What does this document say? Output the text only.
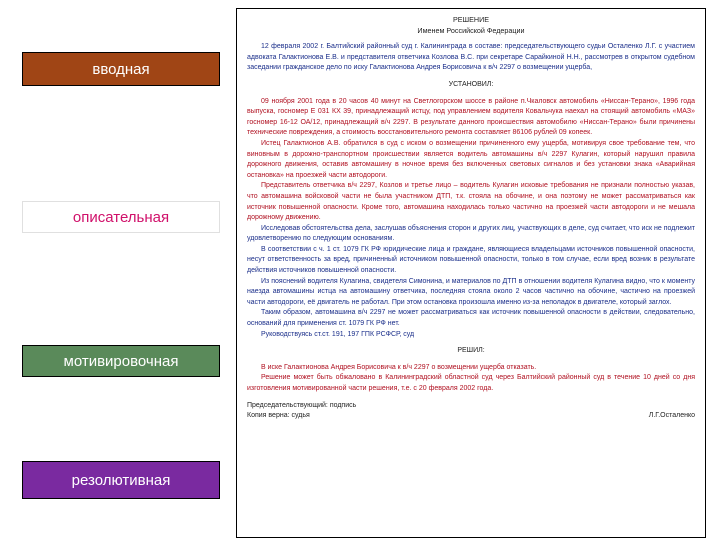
вводная
описательная
мотивировочная
резолютивная
РЕШЕНИЕ
Именем Российской Федерации

12 февраля 2002 г. Балтийский районный суд г. Калининграда в составе: председательствующего судьи Осталенко Л.Г. с участием адвоката Галактионова Е.В. и представителя ответчика Козлова В.С. при секретаре Сарайкиной Н.Н., рассмотрев в открытом судебном заседании гражданское дело по иску Галактионова Андрея Борисовича к в/ч 2297 о возмещении ущерба,

УСТАНОВИЛ:

09 ноября 2001 года в 20 часов 40 минут на Светлогорском шоссе в районе п.Чкаловск автомобиль «Ниссан-Терано», 1996 года выпуска, госномер Е 031 КХ 39, принадлежащий истцу, под управлением водителя Ковальчука наехал на стоящий автомобиль «МАЗ» госномер 16-12 ОА/12, принадлежащий в/ч 2297. В результате данного происшествия автомобилю «Ниссан-Терано» были причинены технические повреждения, а стоимость восстановительного ремонта составляет 86106 рублей 09 копеек.

Истец Галактионов А.В. обратился в суд с иском о возмещении причиненного ему ущерба, мотивируя свое требование тем, что виновным в дорожно-транспортном происшествии является водитель автомашины в/ч 2297 Кулагин, который нарушил правила дорожного движения, оставив автомашину в ночное время без включенных световых сигналов и без установки знака «Аварийная остановка» на проезжей части автодороги.

Представитель ответчика в/ч 2297, Козлов и третье лицо – водитель Кулагин исковые требования не признали полностью указав, что автомашина войсковой части не была участником ДТП, т.к. стояла на обочине, и она поэтому не может рассматриваться как источник повышенной опасности. Кроме того, автомашина находилась только частично на проезжей части автодороги и не мешала дорожному движению.

Исследовав обстоятельства дела, заслушав объяснения сторон и других лиц, участвующих в деле, суд считает, что иск не подлежит удовлетворению по следующим основаниям.

В соответствии с ч. 1 ст. 1079 ГК РФ юридические лица и граждане, являющиеся владельцами источников повышенной опасности, несут ответственность за вред, причиненный источником повышенной опасности, только в том случае, если вред возник в результате действия источников повышенной опасности.

Из пояснений водителя Кулагина, свидетеля Симонина, и материалов по ДТП в отношении водителя Кулагина видно, что к моменту наезда автомашины истца на автомашину ответчика, последняя стояла около 2 часов частично на обочине, частично на проезжей части автодороги, её двигатель не работал. При этом остановка произошла именно из-за неполадок в двигателе, который заглох.

Таким образом, автомашина в/ч 2297 не может рассматриваться как источник повышенной опасности в действии, следовательно, оснований для применения ст. 1079 ГК РФ нет.

Руководствуясь ст.ст. 191, 197 ГПК РСФСР, суд

РЕШИЛ:

В иске Галактионова Андрея Борисовича к в/ч 2297 о возмещении ущерба отказать.

Решение может быть обжаловано в Калининградский областной суд через Балтийский районный суд в течение 10 дней со дня изготовления мотивированной части решения, т.е. с 20 февраля 2002 года.

Председательствующий: подпись
Копия верна: судья	Л.Г.Осталенко
